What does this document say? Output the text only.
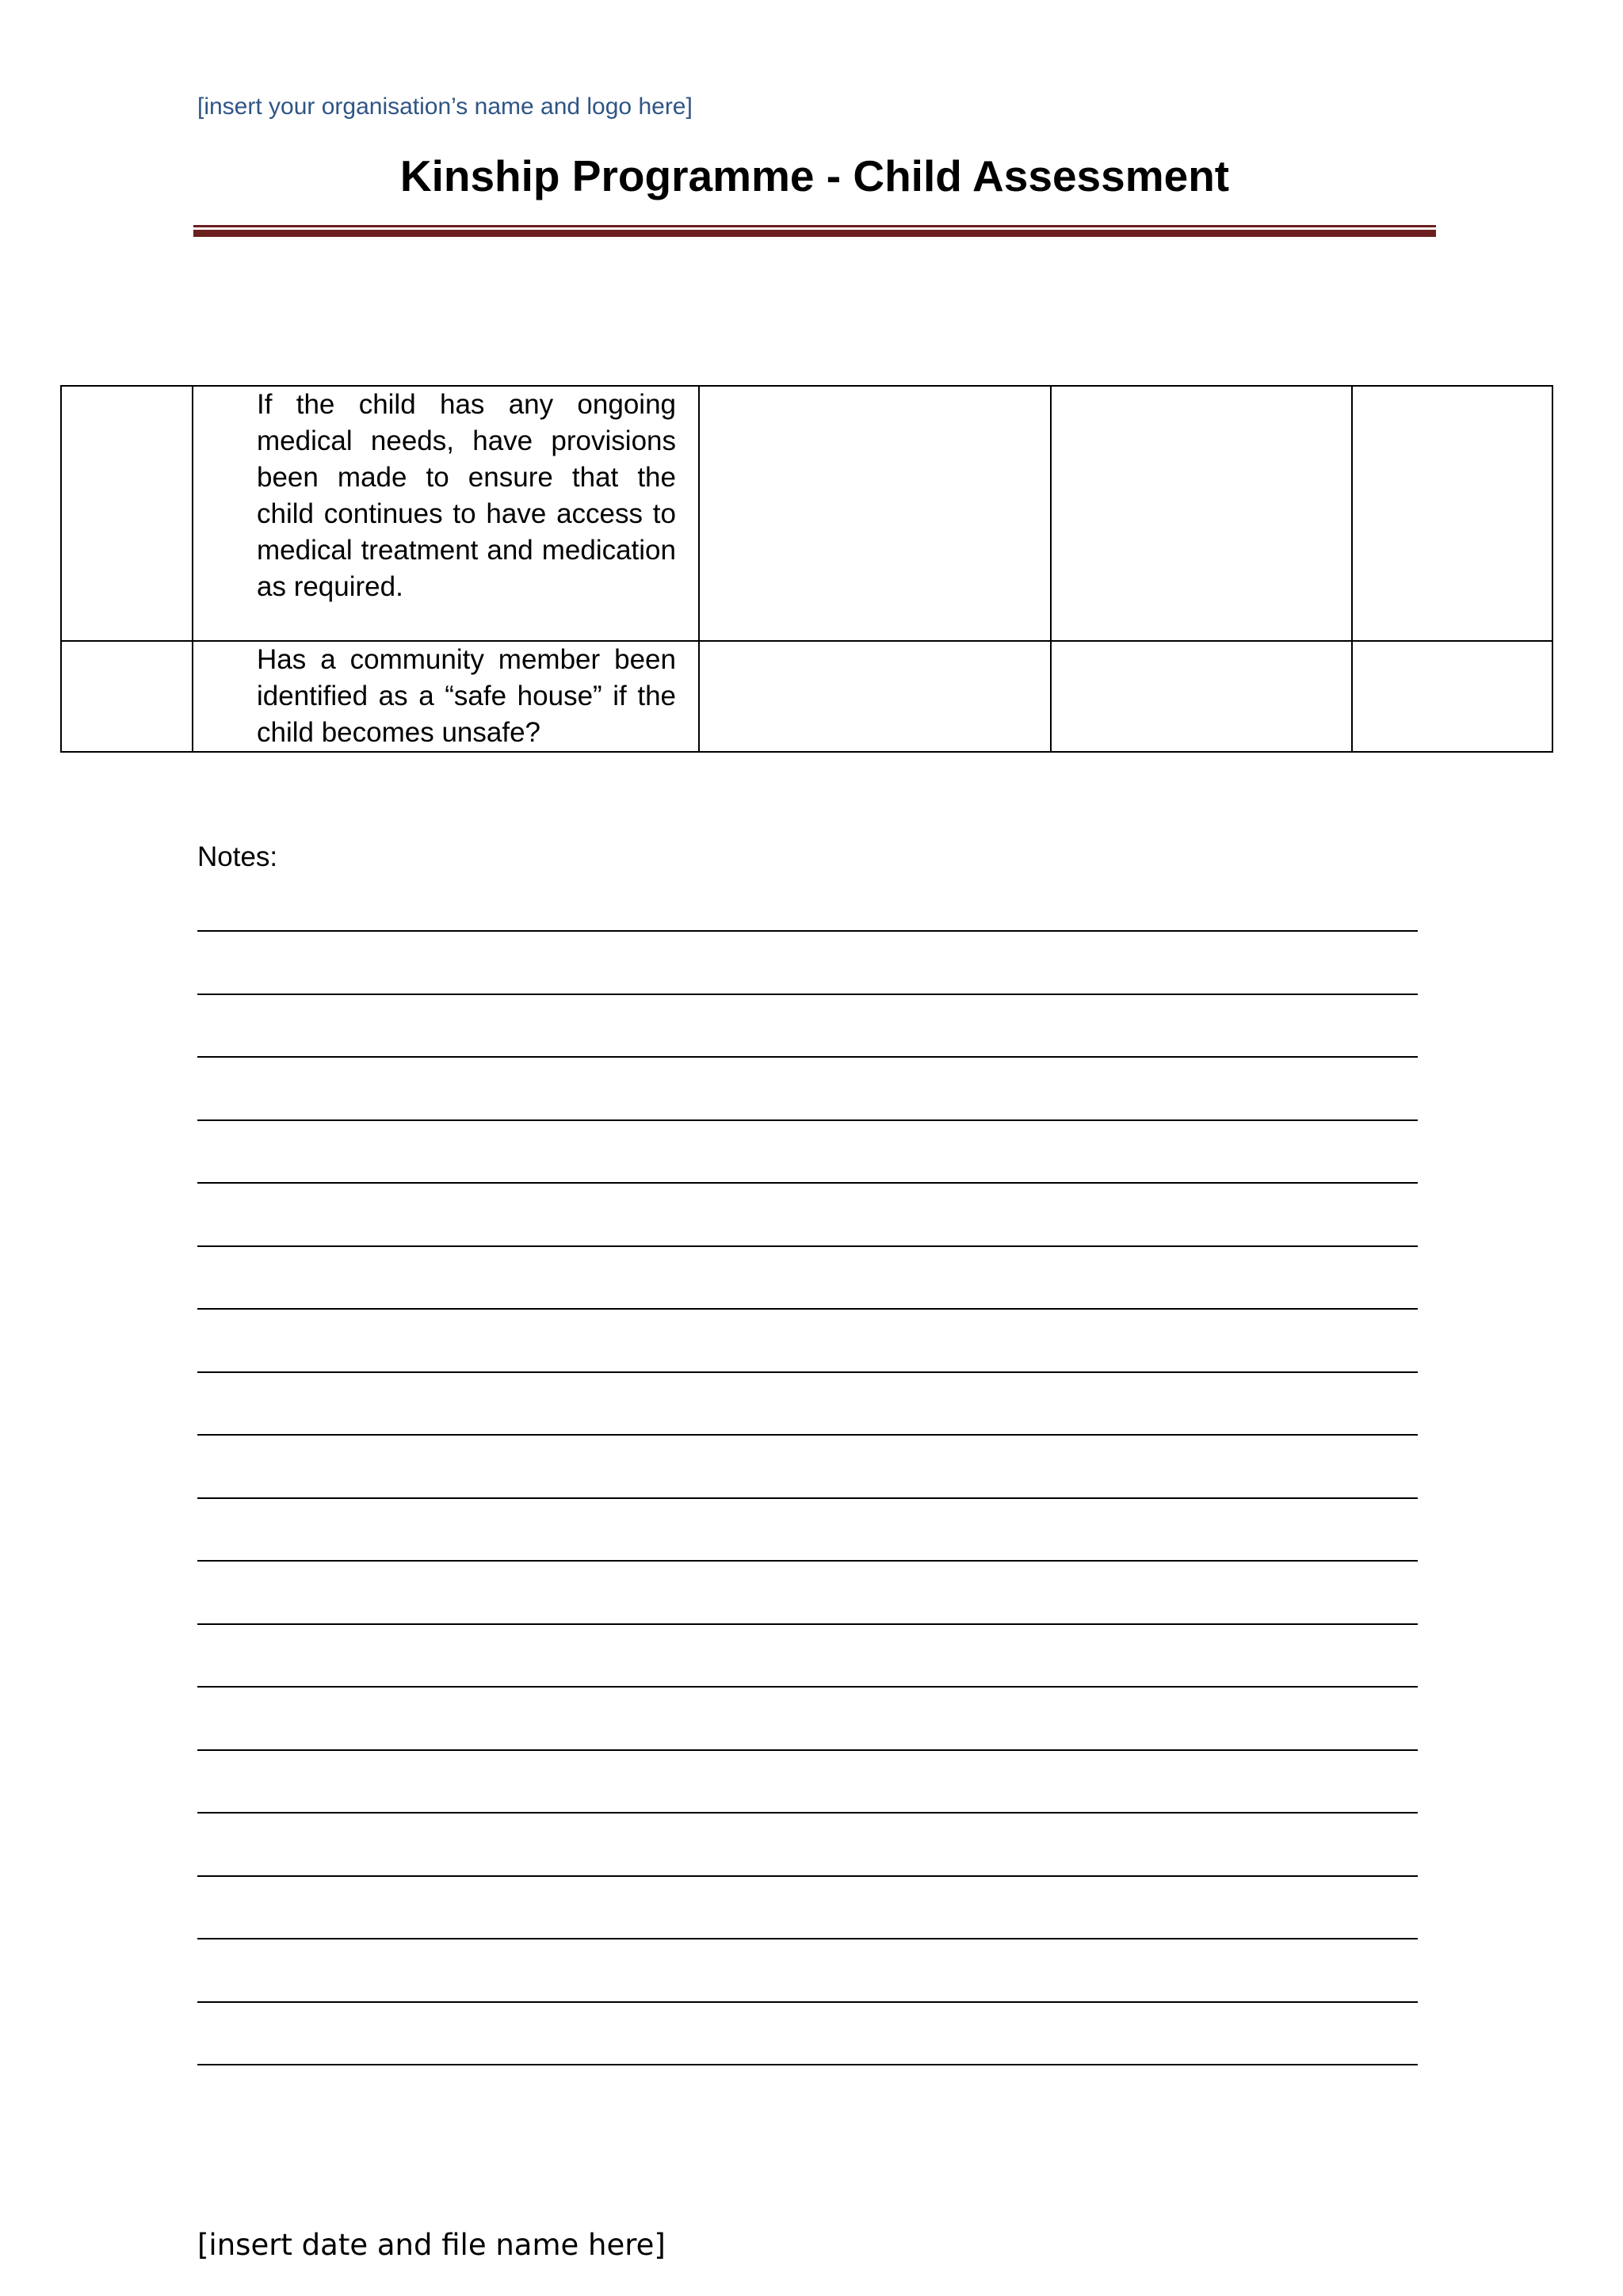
[insert your organisation’s name and logo here]
Kinship Programme - Child Assessment
	If the child has any ongoing medical needs, have provisions been made to ensure that the child continues to have access to medical treatment and medication as required.			
	Has a community member been identified as a “safe house” if the child becomes unsafe?			
Notes:
[insert date and file name here]
